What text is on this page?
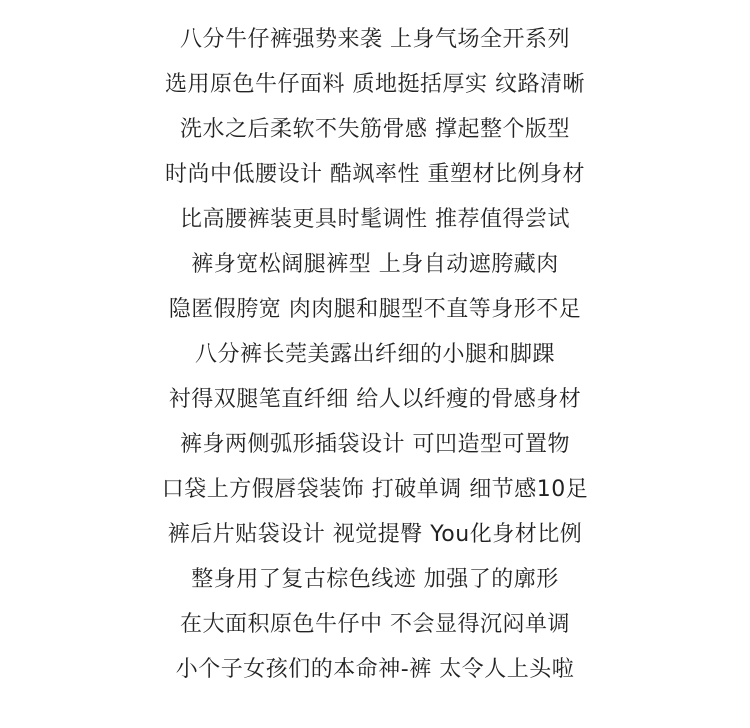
八分牛仔裤强势来袭 上身气场全开系列
选用原色牛仔面料 质地挺括厚实 纹路清晰
洗水之后柔软不失筋骨感 撑起整个版型
时尚中低腰设计 酷飒率性 重塑材比例身材
比高腰裤装更具时髦调性 推荐值得尝试
裤身宽松阔腿裤型 上身自动遮胯藏肉
隐匿假胯宽 肉肉腿和腿型不直等身形不足
八分裤长莞美露出纤细的小腿和脚踝
衬得双腿笔直纤细 给人以纤瘦的骨感身材
裤身两侧弧形插袋设计 可凹造型可置物
口袋上方假唇袋装饰 打破单调 细节感10足
裤后片贴袋设计 视觉提臀 You化身材比例
整身用了复古棕色线迹 加强了的廓形
在大面积原色牛仔中 不会显得沉闷单调
小个子女孩们的本命神-裤 太令人上头啦
